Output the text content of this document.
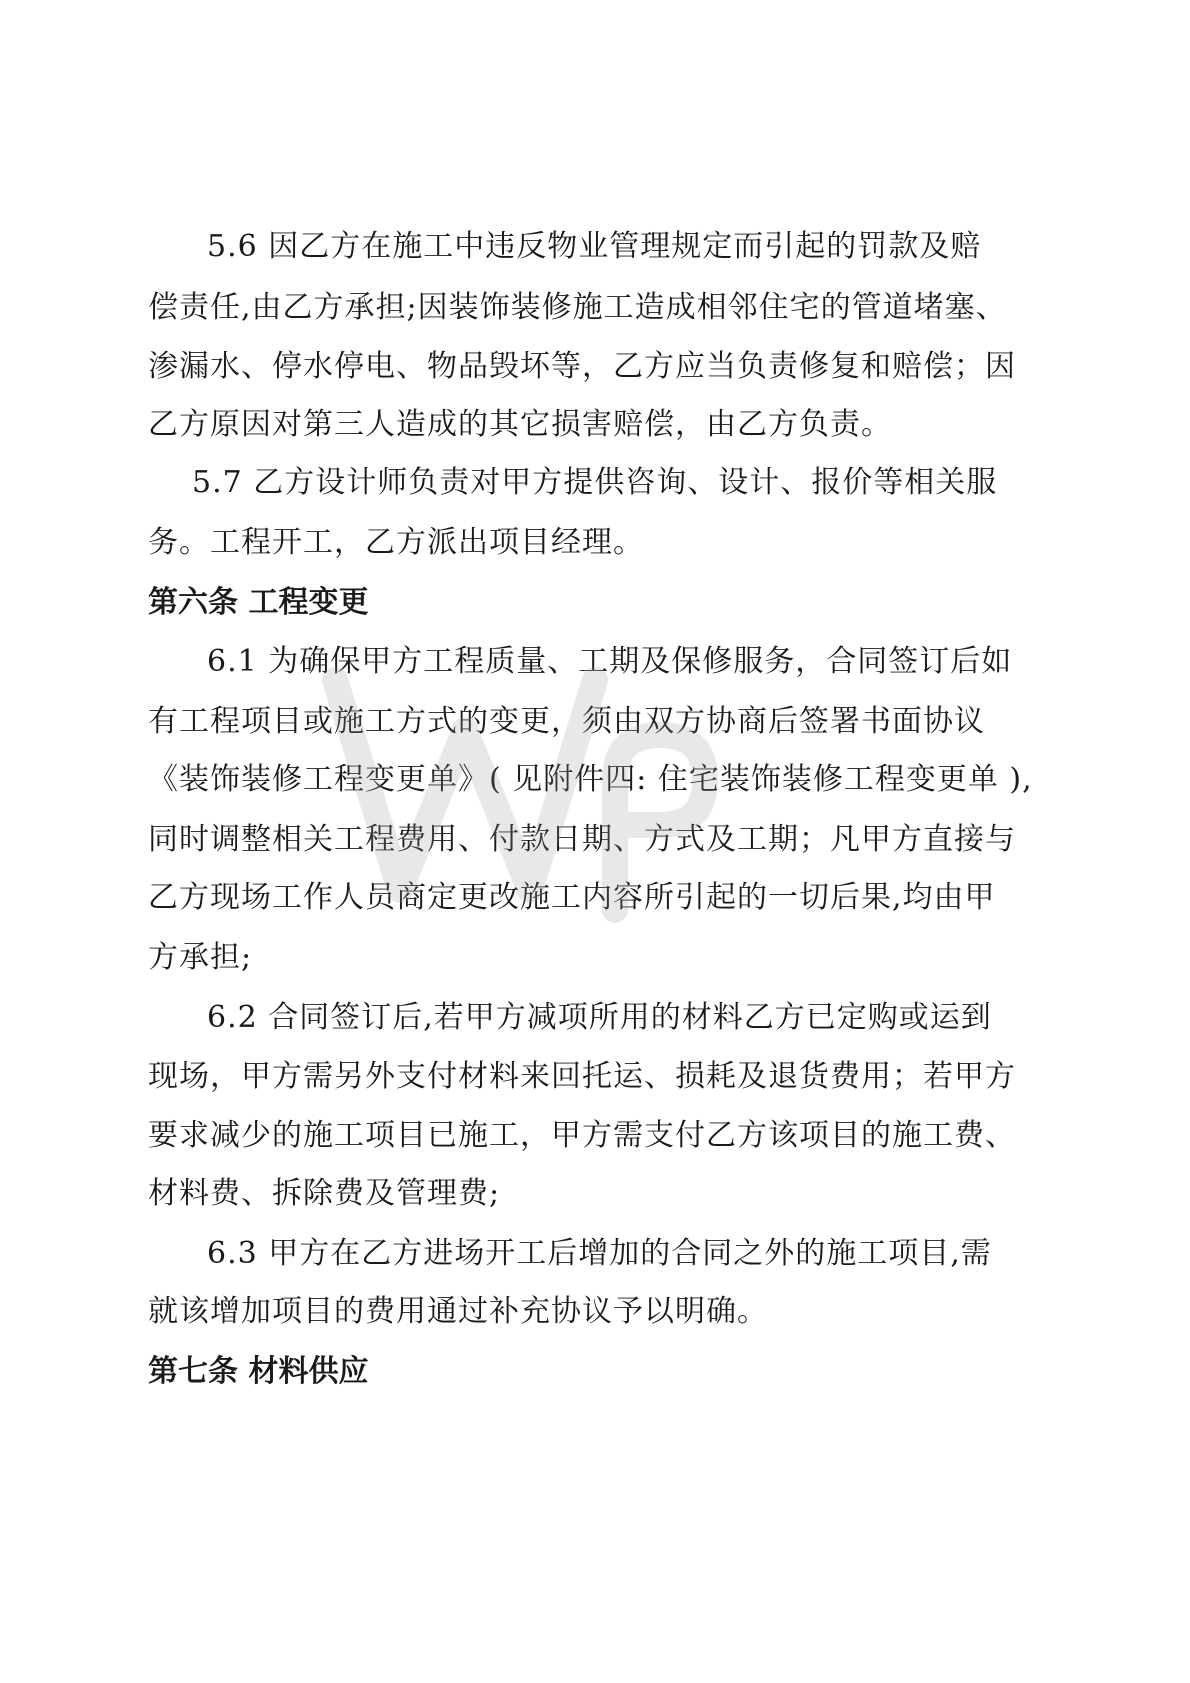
5.6 因乙方在施工中违反物业管理规定而引起的罚款及赔
偿责任,由乙方承担;因装饰装修施工造成相邻住宅的管道堵塞、
渗漏水、停水停电、物品毁坏等，乙方应当负责修复和赔偿；因
乙方原因对第三人造成的其它损害赔偿，由乙方负责。
5.7 乙方设计师负责对甲方提供咨询、设计、报价等相关服
务。工程开工，乙方派出项目经理。
第六条 工程变更
6.1 为确保甲方工程质量、工期及保修服务，合同签订后如
有工程项目或施工方式的变更，须由双方协商后签署书面协议
《装饰装修工程变更单》( 见附件四: 住宅装饰装修工程变更单 ),
同时调整相关工程费用、付款日期、方式及工期；凡甲方直接与
乙方现场工作人员商定更改施工内容所引起的一切后果,均由甲
方承担;
6.2 合同签订后,若甲方减项所用的材料乙方已定购或运到
现场，甲方需另外支付材料来回托运、损耗及退货费用；若甲方
要求减少的施工项目已施工，甲方需支付乙方该项目的施工费、
材料费、拆除费及管理费;
6.3 甲方在乙方进场开工后增加的合同之外的施工项目,需
就该增加项目的费用通过补充协议予以明确。
第七条 材料供应
